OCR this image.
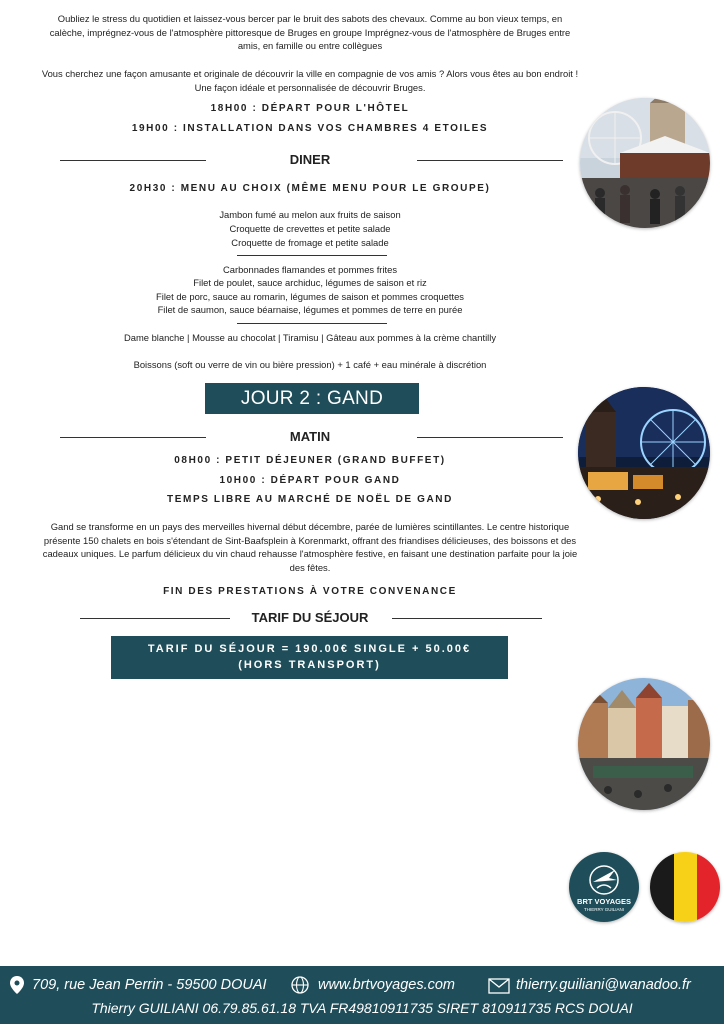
Oubliez le stress du quotidien et laissez-vous bercer par le bruit des sabots des chevaux. Comme au bon vieux temps, en calèche, imprégnez-vous de l'atmosphère pittoresque de Bruges en groupe Imprégnez-vous de l'atmosphère de Bruges entre amis, en famille ou entre collègues
Vous cherchez une façon amusante et originale de découvrir la ville en compagnie de vos amis ? Alors vous êtes au bon endroit ! Une façon idéale et personnalisée de découvrir Bruges.
18H00 : DÉPART POUR L'HÔTEL
19H00 : INSTALLATION DANS VOS CHAMBRES 4 ETOILES
DINER
20H30 : MENU AU CHOIX (MÊME MENU POUR LE GROUPE)
Jambon fumé au melon aux fruits de saison
Croquette de crevettes et petite salade
Croquette de fromage et petite salade
Carbonnades flamandes et pommes frites
Filet de poulet, sauce archiduc, légumes de saison et riz
Filet de porc, sauce au romarin, légumes de saison et pommes croquettes
Filet de saumon, sauce béarnaise, légumes et pommes de terre en purée
Dame blanche | Mousse au chocolat | Tiramisu | Gâteau aux pommes à la crème chantilly
Boissons (soft ou verre de vin ou bière pression) + 1 café + eau minérale à discrétion
JOUR 2 : GAND
MATIN
08H00 : PETIT DÉJEUNER (GRAND BUFFET)
10H00 : DÉPART POUR GAND
TEMPS LIBRE AU MARCHÉ DE NOËL DE GAND
Gand se transforme en un pays des merveilles hivernal début décembre, parée de lumières scintillantes. Le centre historique présente 150 chalets en bois s'étendant de Sint-Baafsplein à Korenmarkt, offrant des friandises délicieuses, des boissons et des cadeaux uniques. Le parfum délicieux du vin chaud rehausse l'atmosphère festive, en faisant une destination parfaite pour la joie des fêtes.
FIN DES PRESTATIONS À VOTRE CONVENANCE
TARIF DU SÉJOUR
TARIF DU SÉJOUR = 190.00€ SINGLE + 50.00€
(HORS TRANSPORT)
BRT VOYAGES
THIERRY GUILIANI
709, rue Jean Perrin - 59500 DOUAI	www.brtvoyages.com	thierry.guiliani@wanadoo.fr
Thierry GUILIANI 06.79.85.61.18 TVA FR49810911735 SIRET 810911735 RCS DOUAI
